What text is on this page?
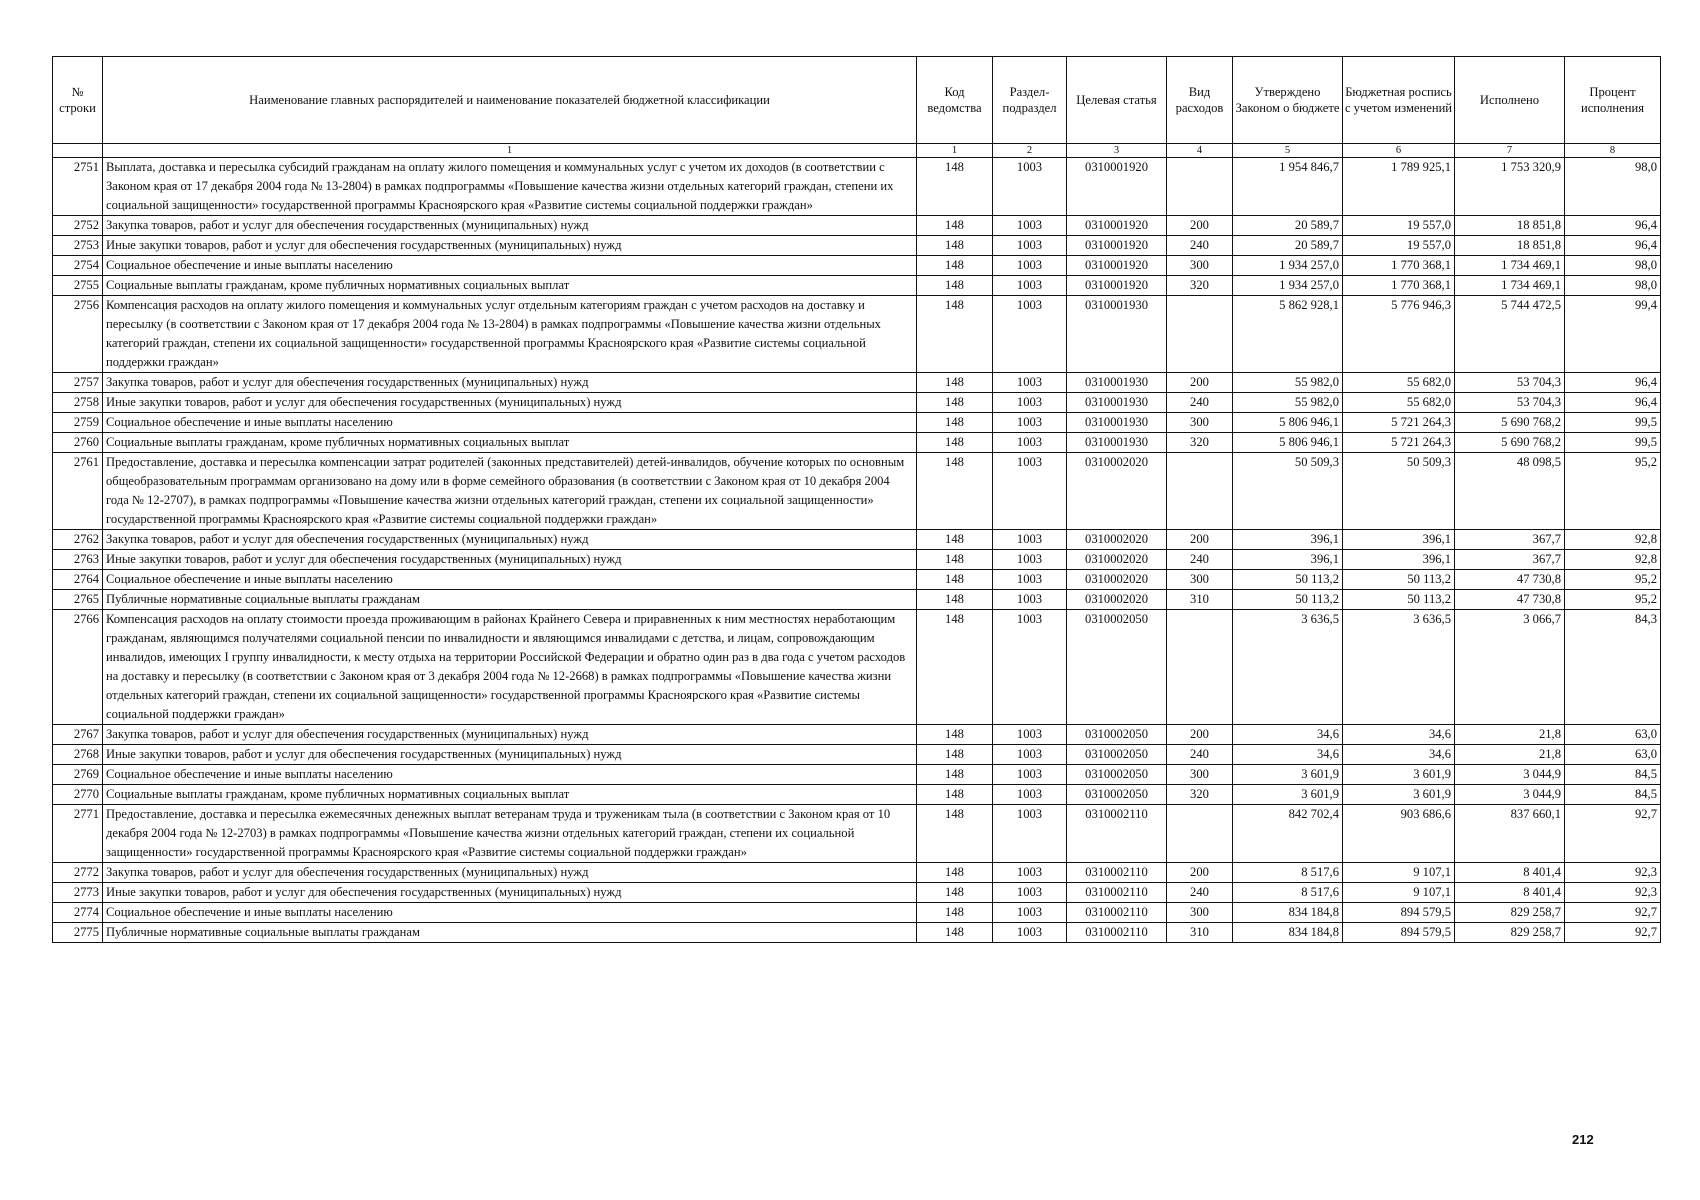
№ строки	Наименование главных распорядителей и наименование показателей бюджетной классификации	Код ведомства	Раздел- подраздел	Целевая статья	Вид расходов	Утверждено Законом о бюджете	Бюджетная роспись с учетом изменений	Исполнено	Процент исполнения
	1	1	2	3	4	5	6	7	8
2751	Выплата, доставка и пересылка субсидий гражданам на оплату жилого помещения и коммунальных услуг с учетом их доходов (в соответствии с Законом края от 17 декабря 2004 года № 13-2804) в рамках подпрограммы «Повышение качества жизни отдельных категорий граждан, степени их социальной защищенности» государственной программы Красноярского края «Развитие системы социальной поддержки граждан»	148	1003	0310001920		1 954 846,7	1 789 925,1	1 753 320,9	98,0
2752	Закупка товаров, работ и услуг для обеспечения государственных (муниципальных) нужд	148	1003	0310001920	200	20 589,7	19 557,0	18 851,8	96,4
2753	Иные закупки товаров, работ и услуг для обеспечения государственных (муниципальных) нужд	148	1003	0310001920	240	20 589,7	19 557,0	18 851,8	96,4
2754	Социальное обеспечение и иные выплаты населению	148	1003	0310001920	300	1 934 257,0	1 770 368,1	1 734 469,1	98,0
2755	Социальные выплаты гражданам, кроме публичных нормативных социальных выплат	148	1003	0310001920	320	1 934 257,0	1 770 368,1	1 734 469,1	98,0
2756	Компенсация расходов на оплату жилого помещения и коммунальных услуг отдельным категориям граждан с учетом расходов на доставку и пересылку (в соответствии с Законом края от 17 декабря 2004 года № 13-2804) в рамках подпрограммы «Повышение качества жизни отдельных категорий граждан, степени их социальной защищенности» государственной программы Красноярского края «Развитие системы социальной поддержки граждан»	148	1003	0310001930		5 862 928,1	5 776 946,3	5 744 472,5	99,4
2757	Закупка товаров, работ и услуг для обеспечения государственных (муниципальных) нужд	148	1003	0310001930	200	55 982,0	55 682,0	53 704,3	96,4
2758	Иные закупки товаров, работ и услуг для обеспечения государственных (муниципальных) нужд	148	1003	0310001930	240	55 982,0	55 682,0	53 704,3	96,4
2759	Социальное обеспечение и иные выплаты населению	148	1003	0310001930	300	5 806 946,1	5 721 264,3	5 690 768,2	99,5
2760	Социальные выплаты гражданам, кроме публичных нормативных социальных выплат	148	1003	0310001930	320	5 806 946,1	5 721 264,3	5 690 768,2	99,5
2761	Предоставление, доставка и пересылка компенсации затрат родителей (законных представителей) детей-инвалидов, обучение которых по основным общеобразовательным программам организовано на дому или в форме семейного образования (в соответствии с Законом края от 10 декабря 2004 года № 12-2707), в рамках подпрограммы «Повышение качества жизни отдельных категорий граждан, степени их социальной защищенности» государственной программы Красноярского края «Развитие системы социальной поддержки граждан»	148	1003	0310002020		50 509,3	50 509,3	48 098,5	95,2
2762	Закупка товаров, работ и услуг для обеспечения государственных (муниципальных) нужд	148	1003	0310002020	200	396,1	396,1	367,7	92,8
2763	Иные закупки товаров, работ и услуг для обеспечения государственных (муниципальных) нужд	148	1003	0310002020	240	396,1	396,1	367,7	92,8
2764	Социальное обеспечение и иные выплаты населению	148	1003	0310002020	300	50 113,2	50 113,2	47 730,8	95,2
2765	Публичные нормативные социальные выплаты гражданам	148	1003	0310002020	310	50 113,2	50 113,2	47 730,8	95,2
2766	Компенсация расходов на оплату стоимости проезда проживающим в районах Крайнего Севера и приравненных к ним местностях неработающим гражданам, являющимся получателями социальной пенсии по инвалидности и являющимся инвалидами с детства, и лицам, сопровождающим инвалидов, имеющих I группу инвалидности, к месту отдыха на территории Российской Федерации и обратно один раз в два года с учетом расходов на доставку и пересылку (в соответствии с Законом края от 3 декабря 2004 года № 12-2668) в рамках подпрограммы «Повышение качества жизни отдельных категорий граждан, степени их социальной защищенности» государственной программы Красноярского края «Развитие системы социальной поддержки граждан»	148	1003	0310002050		3 636,5	3 636,5	3 066,7	84,3
2767	Закупка товаров, работ и услуг для обеспечения государственных (муниципальных) нужд	148	1003	0310002050	200	34,6	34,6	21,8	63,0
2768	Иные закупки товаров, работ и услуг для обеспечения государственных (муниципальных) нужд	148	1003	0310002050	240	34,6	34,6	21,8	63,0
2769	Социальное обеспечение и иные выплаты населению	148	1003	0310002050	300	3 601,9	3 601,9	3 044,9	84,5
2770	Социальные выплаты гражданам, кроме публичных нормативных социальных выплат	148	1003	0310002050	320	3 601,9	3 601,9	3 044,9	84,5
2771	Предоставление, доставка и пересылка ежемесячных денежных выплат ветеранам труда и труженикам тыла (в соответствии с Законом края от 10 декабря 2004 года № 12-2703) в рамках подпрограммы «Повышение качества жизни отдельных категорий граждан, степени их социальной защищенности» государственной программы Красноярского края «Развитие системы социальной поддержки граждан»	148	1003	0310002110		842 702,4	903 686,6	837 660,1	92,7
2772	Закупка товаров, работ и услуг для обеспечения государственных (муниципальных) нужд	148	1003	0310002110	200	8 517,6	9 107,1	8 401,4	92,3
2773	Иные закупки товаров, работ и услуг для обеспечения государственных (муниципальных) нужд	148	1003	0310002110	240	8 517,6	9 107,1	8 401,4	92,3
2774	Социальное обеспечение и иные выплаты населению	148	1003	0310002110	300	834 184,8	894 579,5	829 258,7	92,7
2775	Публичные нормативные социальные выплаты гражданам	148	1003	0310002110	310	834 184,8	894 579,5	829 258,7	92,7
212
